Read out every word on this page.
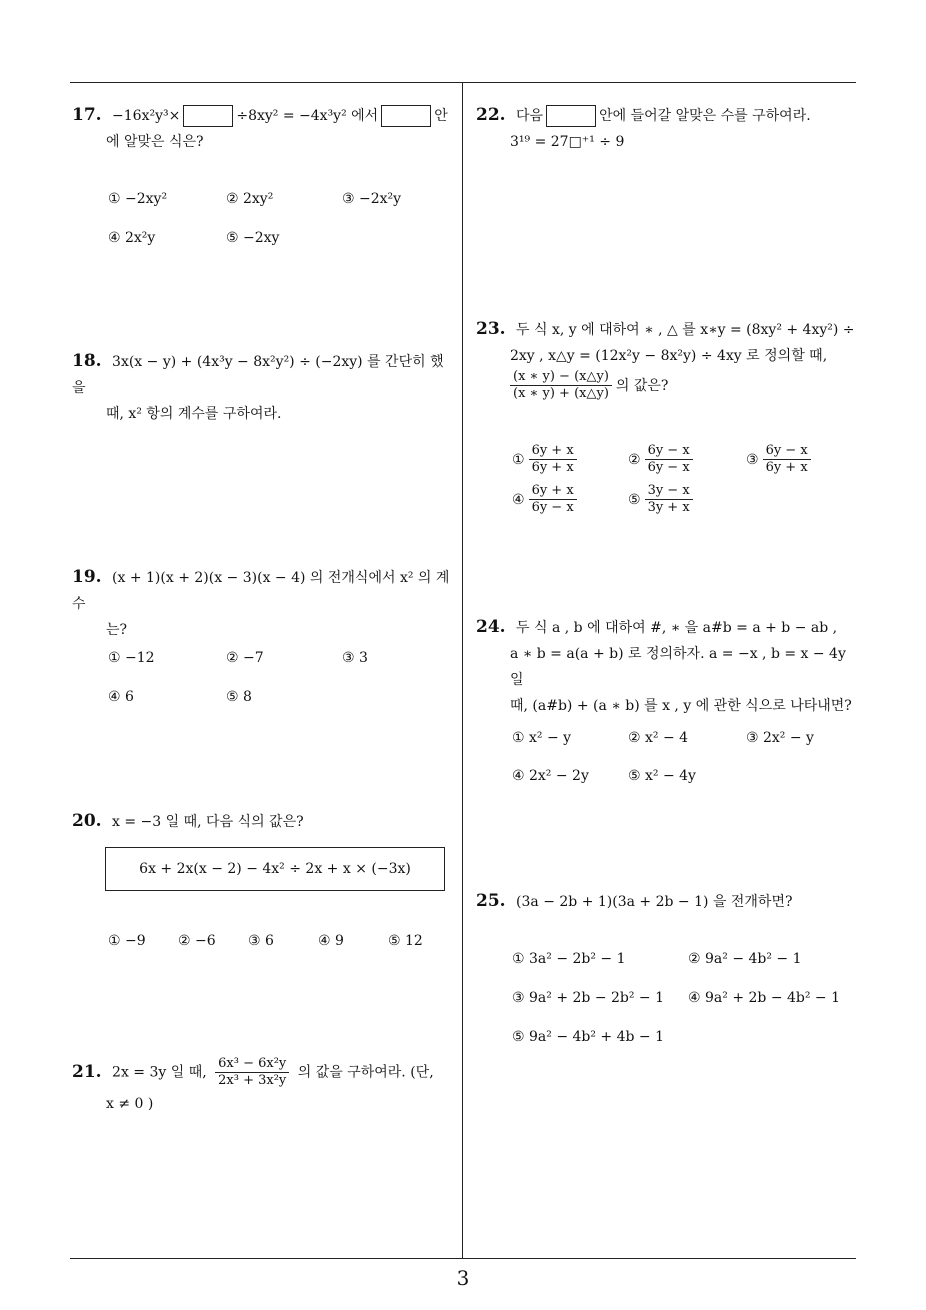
3
17. −16x²y³×	÷8xy² = −4x³y² 에서	안
에 알맞은 식은?
① −2xy²	② 2xy²	③ −2x²y
④ 2x²y	⑤ −2xy
18. 3x(x − y) + (4x³y − 8x²y²) ÷ (−2xy) 를 간단히 했을
때, x² 항의 계수를 구하여라.
19. (x + 1)(x + 2)(x − 3)(x − 4) 의 전개식에서 x² 의 계수
는?
① −12	② −7	③ 3
④ 6	⑤ 8
20. x = −3 일 때, 다음 식의 값은?
6x + 2x(x − 2) − 4x² ÷ 2x + x × (−3x)
① −9 ② −6 ③ 6	④ 9	⑤ 12
21. 2x = 3y 일 때, $\frac{\text{6x³ − 6x²y}}{\text{2x³ + 3x²y}}$ 의 값을 구하여라. (단,
x ≠ 0 )
22. 다음	안에 들어갈 알맞은 수를 구하여라.
3¹⁹ = 27□⁺¹ ÷ 9
23. 두 식 x, y 에 대하여 ∗ , △ 를 x∗y = (8xy² + 4xy²) ÷
2xy , x△y = (12x²y − 8x²y) ÷ 4xy 로 정의할 때,
$\frac{(x ∗ y) - (x\triangle y)}{(x ∗ y) + (x\triangle y)}$ 의 값은?
① $\frac{6y + x}{6y + x}$	② $\frac{6y - x}{6y - x}$	③ $\frac{6y - x}{6y + x}$
④ $\frac{6y + x}{6y - x}$	⑤ $\frac{3y - x}{3y + x}$
24. 두 식 a , b 에 대하여 #, ∗ 을 a#b = a + b − ab ,
a ∗ b = a(a + b) 로 정의하자. a = −x , b = x − 4y 일
때, (a#b) + (a ∗ b) 를 x , y 에 관한 식으로 나타내면?
① x² − y	② x² − 4	③ 2x² − y
④ 2x² − 2y	⑤ x² − 4y
25. (3a − 2b + 1)(3a + 2b − 1) 을 전개하면?
① 3a² − 2b² − 1	② 9a² − 4b² − 1
③ 9a² + 2b − 2b² − 1 ④ 9a² + 2b − 4b² − 1
⑤ 9a² − 4b² + 4b − 1
